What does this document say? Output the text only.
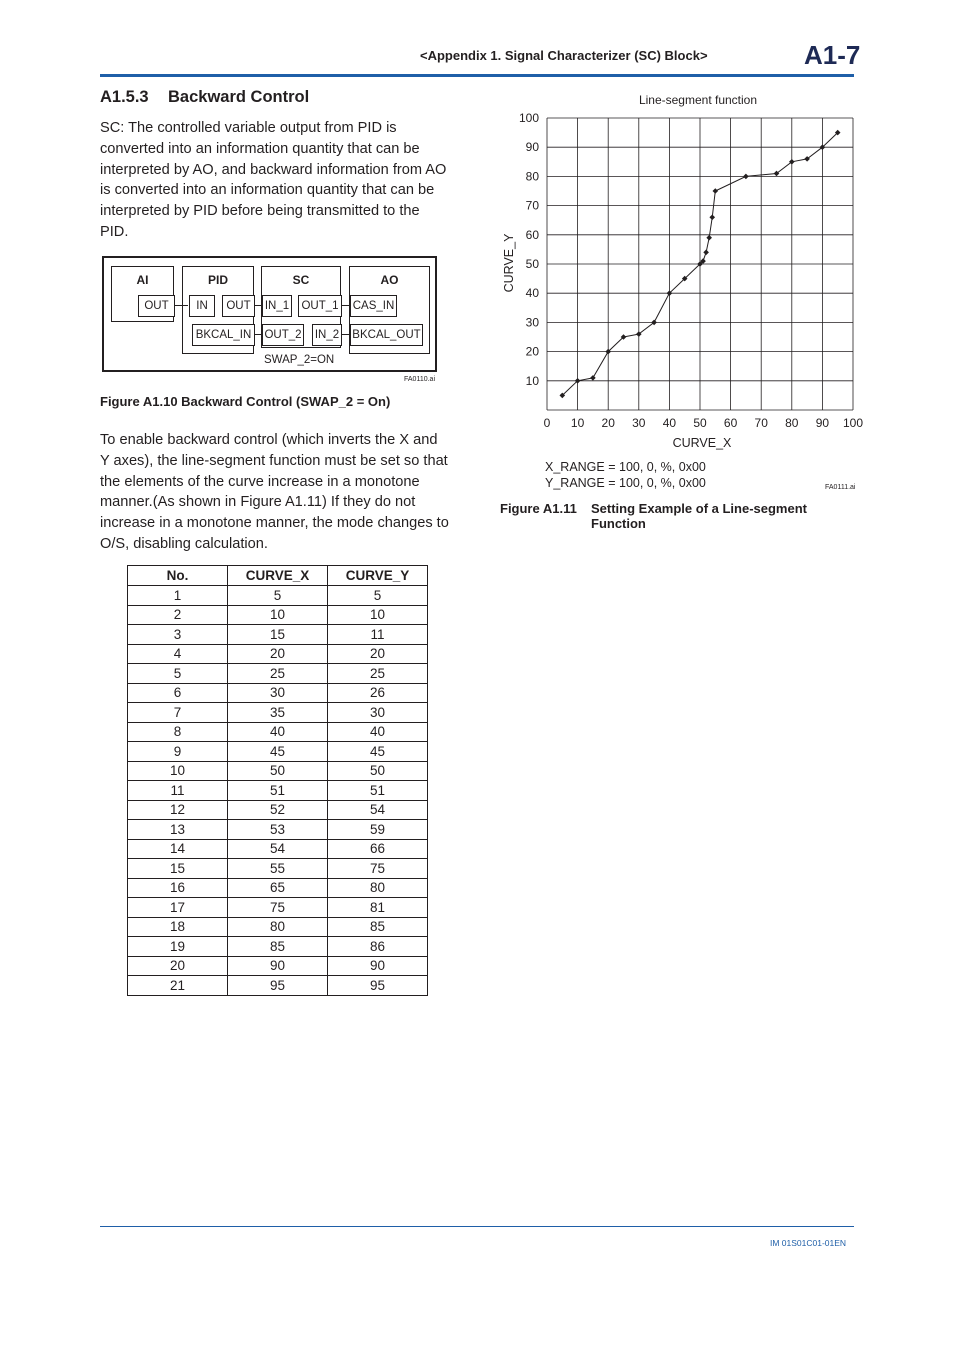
<Appendix 1. Signal Characterizer (SC) Block>	A1-7
A1.5.3 Backward Control
SC: The controlled variable output from PID is converted into an information quantity that can be interpreted by AO, and backward information from AO is converted into an information quantity that can be interpreted by PID before being transmitted to the PID.
AI
OUT
PID
IN	OUT
BKCAL_IN
SC
IN_1	OUT_1
OUT_2 IN_2
AO
CAS_IN
BKCAL_OUT
SWAP_2=ON
FA0110.ai
Figure A1.10 Backward Control (SWAP_2 = On)
To enable backward control (which inverts the X and Y axes), the line-segment function must be set so that the elements of the curve increase in a monotone manner.(As shown in Figure A1.11) If they do not increase in a monotone manner, the mode changes to O/S, disabling calculation.
No.	CURVE_X	CURVE_Y
1	5	5
2	10	10
3	15	11
4	20	20
5	25	25
6	30	26
7	35	30
8	40	40
9	45	45
10	50	50
11	51	51
12	52	54
13	53	59
14	54	66
15	55	75
16	65	80
17	75	81
18	80	85
19	85	86
20	90	90
21	95	95
Line-segment function
0 10 20 30 40 50 60 70 80 90 100
10
20
30
40
50
60
70
80
90
100
CURVE_X
CURVE_Y
X_RANGE = 100, 0, %, 0x00
Y_RANGE = 100, 0, %, 0x00	FA0111.ai
Figure A1.11 Setting Example of a Line-segment Function
IM 01S01C01-01EN
